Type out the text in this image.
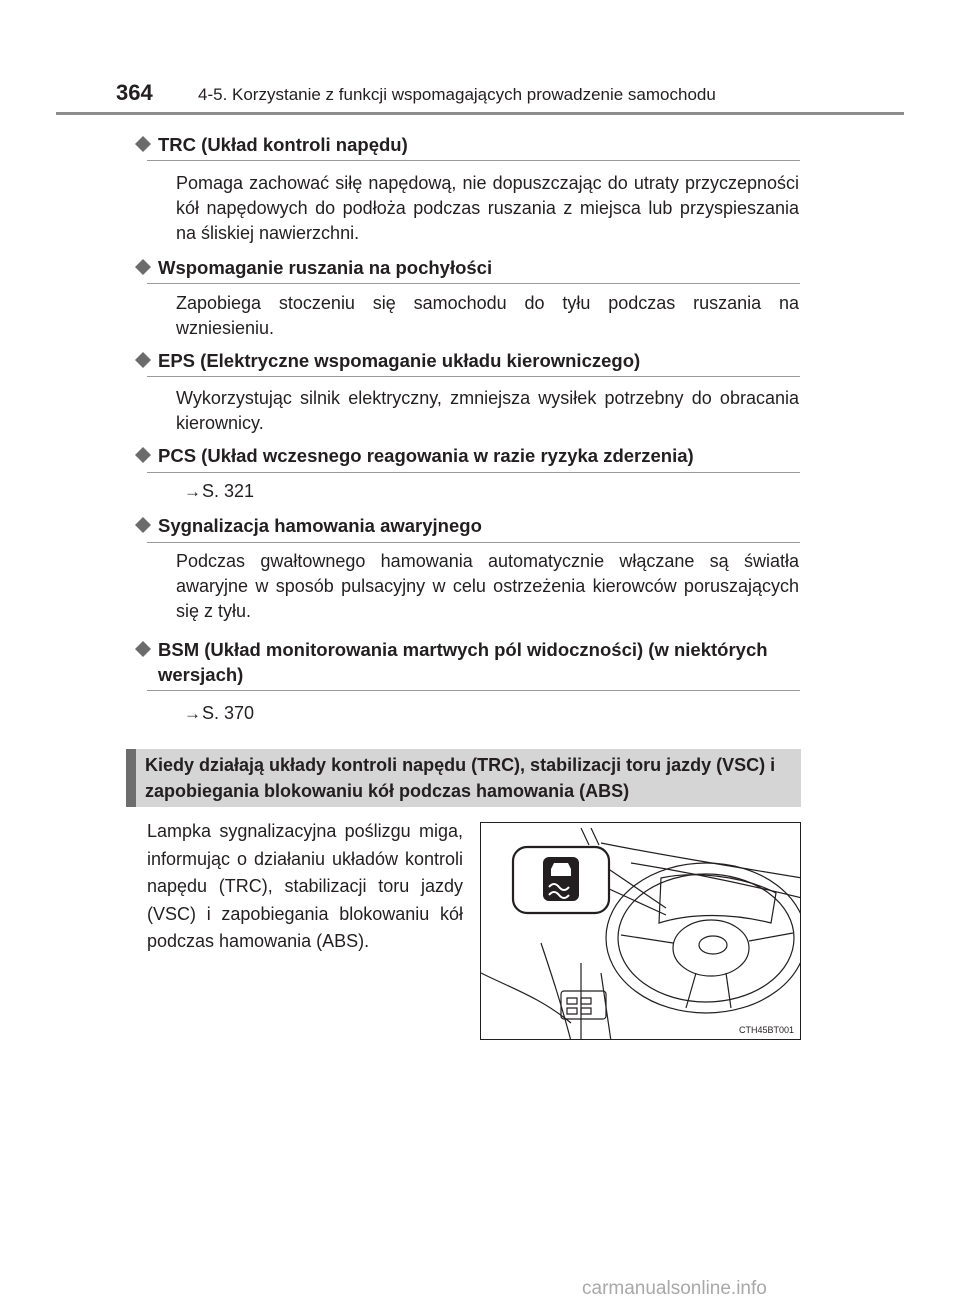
364	4-5. Korzystanie z funkcji wspomagających prowadzenie samochodu
TRC (Układ kontroli napędu)
Pomaga zachować siłę napędową, nie dopuszczając do utraty przyczepności kół napędowych do podłoża podczas ruszania z miejsca lub przyspieszania na śliskiej nawierzchni.
Wspomaganie ruszania na pochyłości
Zapobiega stoczeniu się samochodu do tyłu podczas ruszania na wzniesieniu.
EPS (Elektryczne wspomaganie układu kierowniczego)
Wykorzystując silnik elektryczny, zmniejsza wysiłek potrzebny do obracania kierownicy.
PCS (Układ wczesnego reagowania w razie ryzyka zderzenia)
→S. 321
Sygnalizacja hamowania awaryjnego
Podczas gwałtownego hamowania automatycznie włączane są światła awaryjne w sposób pulsacyjny w celu ostrzeżenia kierowców poruszających się z tyłu.
BSM (Układ monitorowania martwych pól widoczności) (w niektórych wersjach)
→S. 370
Kiedy działają układy kontroli napędu (TRC), stabilizacji toru jazdy (VSC) i zapobiegania blokowaniu kół podczas hamowania (ABS)
Lampka sygnalizacyjna poślizgu miga, informując o działaniu układów kontroli napędu (TRC), stabilizacji toru jazdy (VSC) i zapobiegania blokowaniu kół podczas hamowania (ABS).
CTH45BT001
carmanualsonline.info
